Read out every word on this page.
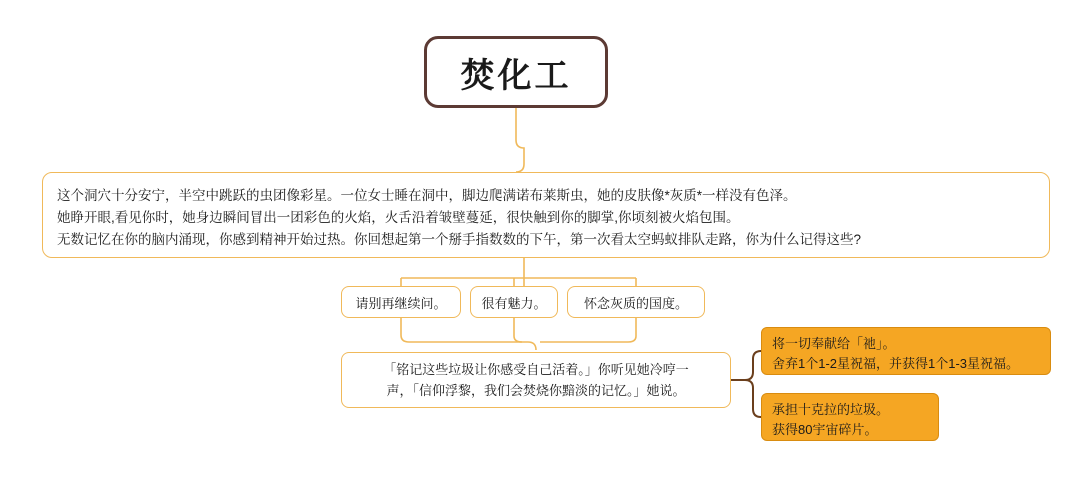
焚化工
这个洞穴十分安宁，半空中跳跃的虫团像彩星。一位女士睡在洞中，脚边爬满诺布莱斯虫，她的皮肤像*灰质*一样没有色泽。
她睁开眼,看见你时，她身边瞬间冒出一团彩色的火焰，火舌沿着皱壁蔓延，很快触到你的脚掌,你顷刻被火焰包围。
无数记忆在你的脑内涌现，你感到精神开始过热。你回想起第一个掰手指数数的下午，第一次看太空蚂蚁排队走路，你为什么记得这些?
请别再继续问。	很有魅力。	怀念灰质的国度。
「铭记这些垃圾让你感受自己活着。」你听见她冷哼一
声，「信仰浮黎，我们会焚烧你黯淡的记忆。」她说。
将一切奉献给「祂」。
舍弃1个1-2星祝福，并获得1个1-3星祝福。
承担十克拉的垃圾。
获得80宇宙碎片。
